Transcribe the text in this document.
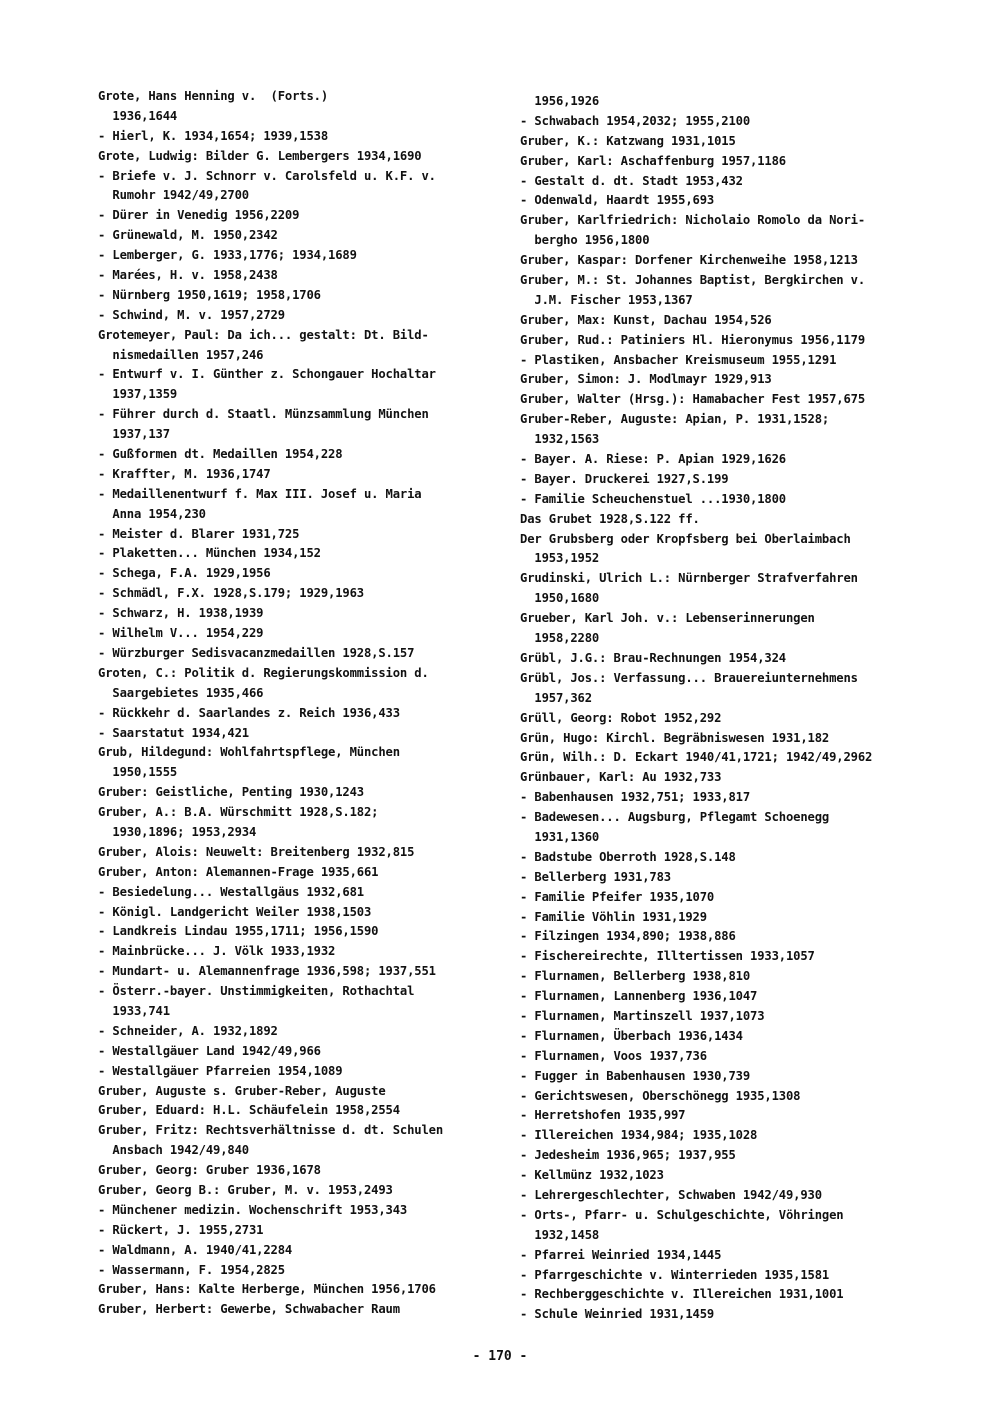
Grote, Hans Henning v.  (Forts.)
1936,1644
- Hierl, K. 1934,1654; 1939,1538
Grote, Ludwig: Bilder G. Lembergers 1934,1690
- Briefe v. J. Schnorr v. Carolsfeld u. K.F. v.
Rumohr 1942/49,2700
- Dürer in Venedig 1956,2209
- Grünewald, M. 1950,2342
- Lemberger, G. 1933,1776; 1934,1689
- Marées, H. v. 1958,2438
- Nürnberg 1950,1619; 1958,1706
- Schwind, M. v. 1957,2729
Grotemeyer, Paul: Da ich... gestalt: Dt. Bild-
nismedaillen 1957,246
- Entwurf v. I. Günther z. Schongauer Hochaltar
1937,1359
- Führer durch d. Staatl. Münzsammlung München
1937,137
- Gußformen dt. Medaillen 1954,228
- Kraffter, M. 1936,1747
- Medaillenentwurf f. Max III. Josef u. Maria
Anna 1954,230
- Meister d. Blarer 1931,725
- Plaketten... München 1934,152
- Schega, F.A. 1929,1956
- Schmädl, F.X. 1928,S.179; 1929,1963
- Schwarz, H. 1938,1939
- Wilhelm V... 1954,229
- Würzburger Sedisvacanzmedaillen 1928,S.157
Groten, C.: Politik d. Regierungskommission d.
Saargebietes 1935,466
- Rückkehr d. Saarlandes z. Reich 1936,433
- Saarstatut 1934,421
Grub, Hildegund: Wohlfahrtspflege, München
1950,1555
Gruber: Geistliche, Penting 1930,1243
Gruber, A.: B.A. Würschmitt 1928,S.182;
1930,1896; 1953,2934
Gruber, Alois: Neuwelt: Breitenberg 1932,815
Gruber, Anton: Alemannen-Frage 1935,661
- Besiedelung... Westallgäus 1932,681
- Königl. Landgericht Weiler 1938,1503
- Landkreis Lindau 1955,1711; 1956,1590
- Mainbrücke... J. Völk 1933,1932
- Mundart- u. Alemannenfrage 1936,598; 1937,551
- Österr.-bayer. Unstimmigkeiten, Rothachtal
1933,741
- Schneider, A. 1932,1892
- Westallgäuer Land 1942/49,966
- Westallgäuer Pfarreien 1954,1089
Gruber, Auguste s. Gruber-Reber, Auguste
Gruber, Eduard: H.L. Schäufelein 1958,2554
Gruber, Fritz: Rechtsverhältnisse d. dt. Schulen
Ansbach 1942/49,840
Gruber, Georg: Gruber 1936,1678
Gruber, Georg B.: Gruber, M. v. 1953,2493
- Münchener medizin. Wochenschrift 1953,343
- Rückert, J. 1955,2731
- Waldmann, A. 1940/41,2284
- Wassermann, F. 1954,2825
Gruber, Hans: Kalte Herberge, München 1956,1706
Gruber, Herbert: Gewerbe, Schwabacher Raum
1956,1926
- Schwabach 1954,2032; 1955,2100
Gruber, K.: Katzwang 1931,1015
Gruber, Karl: Aschaffenburg 1957,1186
- Gestalt d. dt. Stadt 1953,432
- Odenwald, Haardt 1955,693
Gruber, Karlfriedrich: Nicholaio Romolo da Nori-
bergho 1956,1800
Gruber, Kaspar: Dorfener Kirchenweihe 1958,1213
Gruber, M.: St. Johannes Baptist, Bergkirchen v.
J.M. Fischer 1953,1367
Gruber, Max: Kunst, Dachau 1954,526
Gruber, Rud.: Patiniers Hl. Hieronymus 1956,1179
- Plastiken, Ansbacher Kreismuseum 1955,1291
Gruber, Simon: J. Modlmayr 1929,913
Gruber, Walter (Hrsg.): Hamabacher Fest 1957,675
Gruber-Reber, Auguste: Apian, P. 1931,1528;
1932,1563
- Bayer. A. Riese: P. Apian 1929,1626
- Bayer. Druckerei 1927,S.199
- Familie Scheuchenstuel ...1930,1800
Das Grubet 1928,S.122 ff.
Der Grubsberg oder Kropfsberg bei Oberlaimbach
1953,1952
Grudinski, Ulrich L.: Nürnberger Strafverfahren
1950,1680
Grueber, Karl Joh. v.: Lebenserinnerungen
1958,2280
Grübl, J.G.: Brau-Rechnungen 1954,324
Grübl, Jos.: Verfassung... Brauereiunternehmens
1957,362
Grüll, Georg: Robot 1952,292
Grün, Hugo: Kirchl. Begräbniswesen 1931,182
Grün, Wilh.: D. Eckart 1940/41,1721; 1942/49,2962
Grünbauer, Karl: Au 1932,733
- Babenhausen 1932,751; 1933,817
- Badewesen... Augsburg, Pflegamt Schoenegg
1931,1360
- Badstube Oberroth 1928,S.148
- Bellerberg 1931,783
- Familie Pfeifer 1935,1070
- Familie Vöhlin 1931,1929
- Filzingen 1934,890; 1938,886
- Fischereirechte, Illtertissen 1933,1057
- Flurnamen, Bellerberg 1938,810
- Flurnamen, Lannenberg 1936,1047
- Flurnamen, Martinszell 1937,1073
- Flurnamen, Überbach 1936,1434
- Flurnamen, Voos 1937,736
- Fugger in Babenhausen 1930,739
- Gerichtswesen, Oberschönegg 1935,1308
- Herretshofen 1935,997
- Illereichen 1934,984; 1935,1028
- Jedesheim 1936,965; 1937,955
- Kellmünz 1932,1023
- Lehrergeschlechter, Schwaben 1942/49,930
- Orts-, Pfarr- u. Schulgeschichte, Vöhringen
1932,1458
- Pfarrei Weinried 1934,1445
- Pfarrgeschichte v. Winterrieden 1935,1581
- Rechberggeschichte v. Illereichen 1931,1001
- Schule Weinried 1931,1459
- 170 -
